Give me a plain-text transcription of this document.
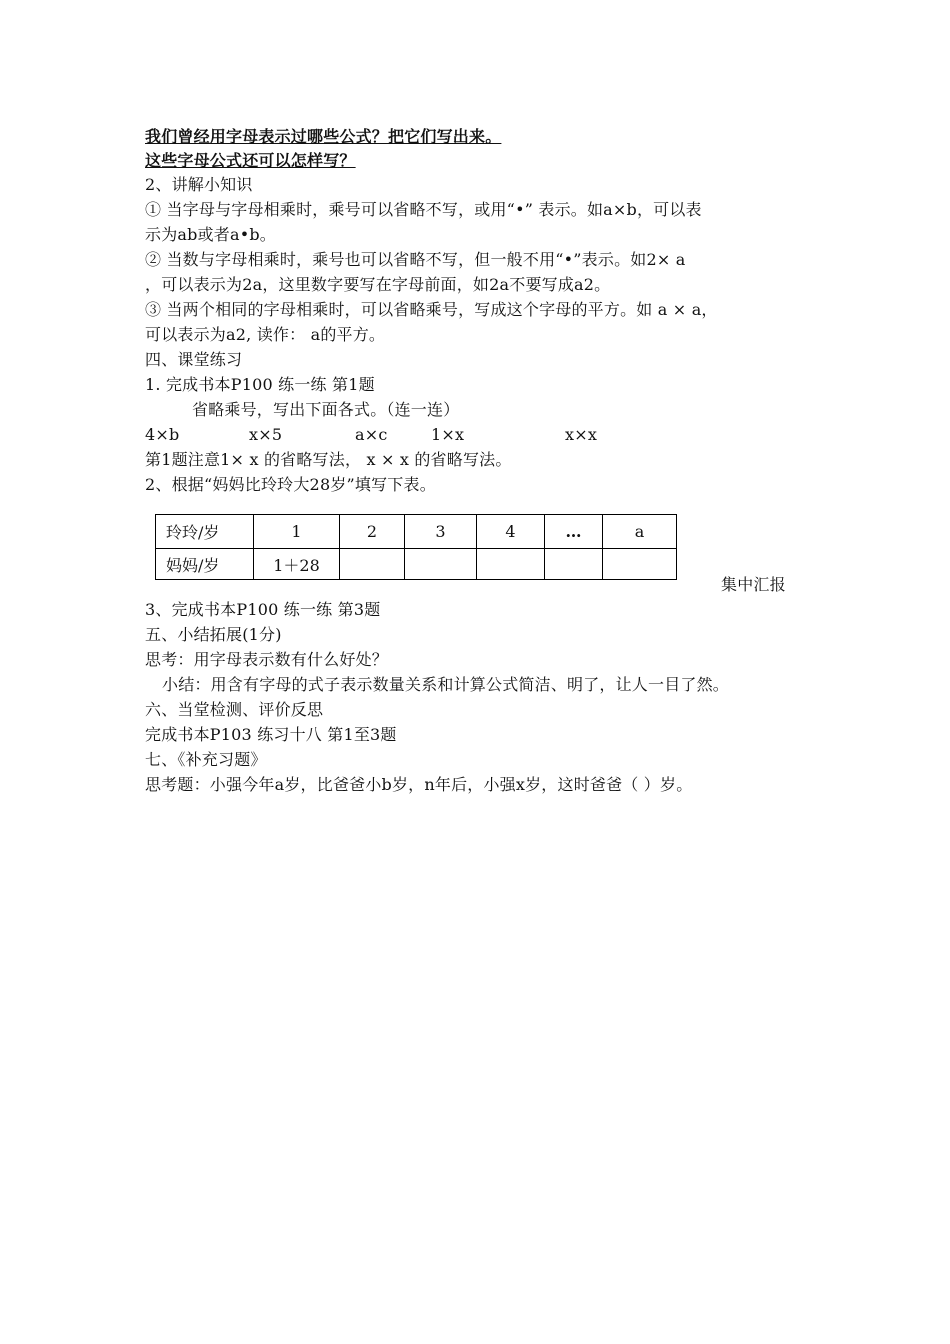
我们曾经用字母表示过哪些公式？把它们写出来。
这些字母公式还可以怎样写？
2、讲解小知识
① 当字母与字母相乘时，乘号可以省略不写，或用“•” 表示。如a×b，可以表
示为ab或者a•b。
② 当数与字母相乘时，乘号也可以省略不写，但一般不用“•”表示。如2× a
，可以表示为2a，这里数字要写在字母前面，如2a不要写成a2。
③ 当两个相同的字母相乘时，可以省略乘号，写成这个字母的平方。如 a × a，
可以表示为a2, 读作： a的平方。
四、课堂练习
1. 完成书本P100 练一练 第1题
省略乘号，写出下面各式。（连一连）
4×b	x×5	a×c	1×x	x×x
第1题注意1× x 的省略写法， x × x 的省略写法。
2、根据“妈妈比玲玲大28岁”填写下表。
玲玲/岁	1	2	3	4	…	a
妈妈/岁	1＋28
集中汇报
3、完成书本P100 练一练 第3题
五、小结拓展(1分)
思考：用字母表示数有什么好处？
小结：用含有字母的式子表示数量关系和计算公式简洁、明了，让人一目了然。
六、当堂检测、评价反思
完成书本P103 练习十八 第1至3题
七、《补充习题》
思考题：小强今年a岁，比爸爸小b岁，n年后，小强x岁，这时爸爸（ ）岁。
